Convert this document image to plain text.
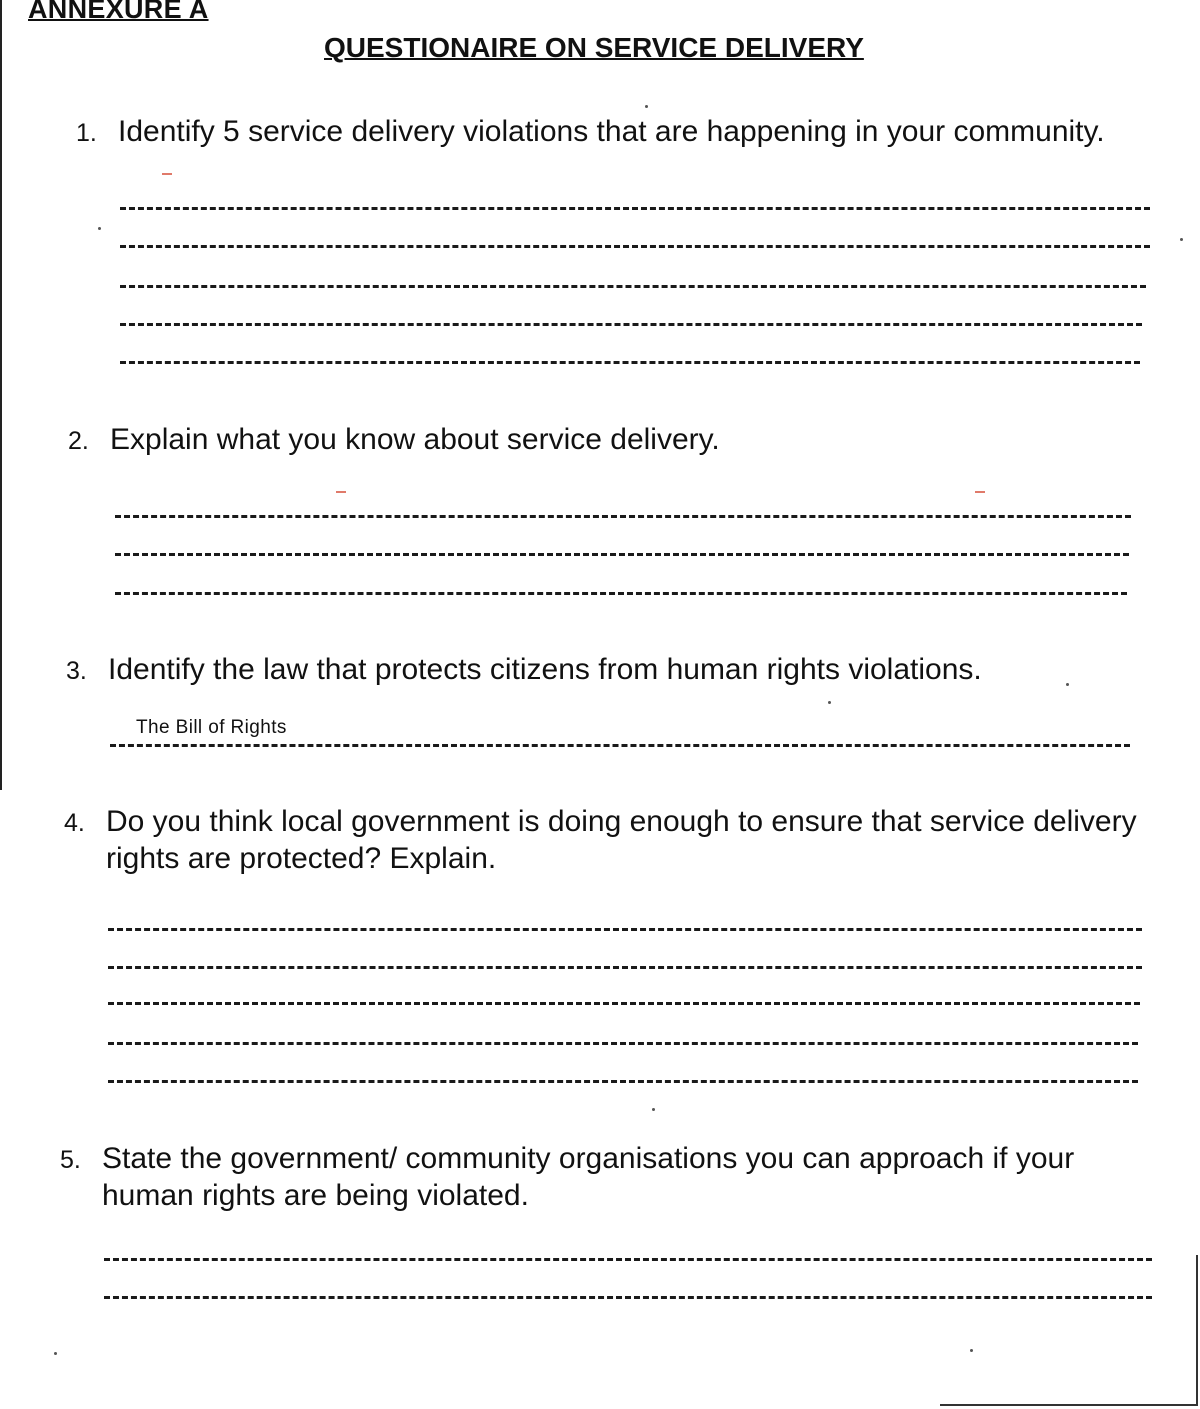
ANNEXURE A
QUESTIONAIRE ON SERVICE DELIVERY
1. Identify 5 service delivery violations that are happening in your community.
2. Explain what you know about service delivery.
3. Identify the law that protects citizens from human rights violations.
The Bill of Rights
4. Do you think local government is doing enough to ensure that service delivery rights are protected? Explain.
5. State the government/ community organisations you can approach if your human rights are being violated.
